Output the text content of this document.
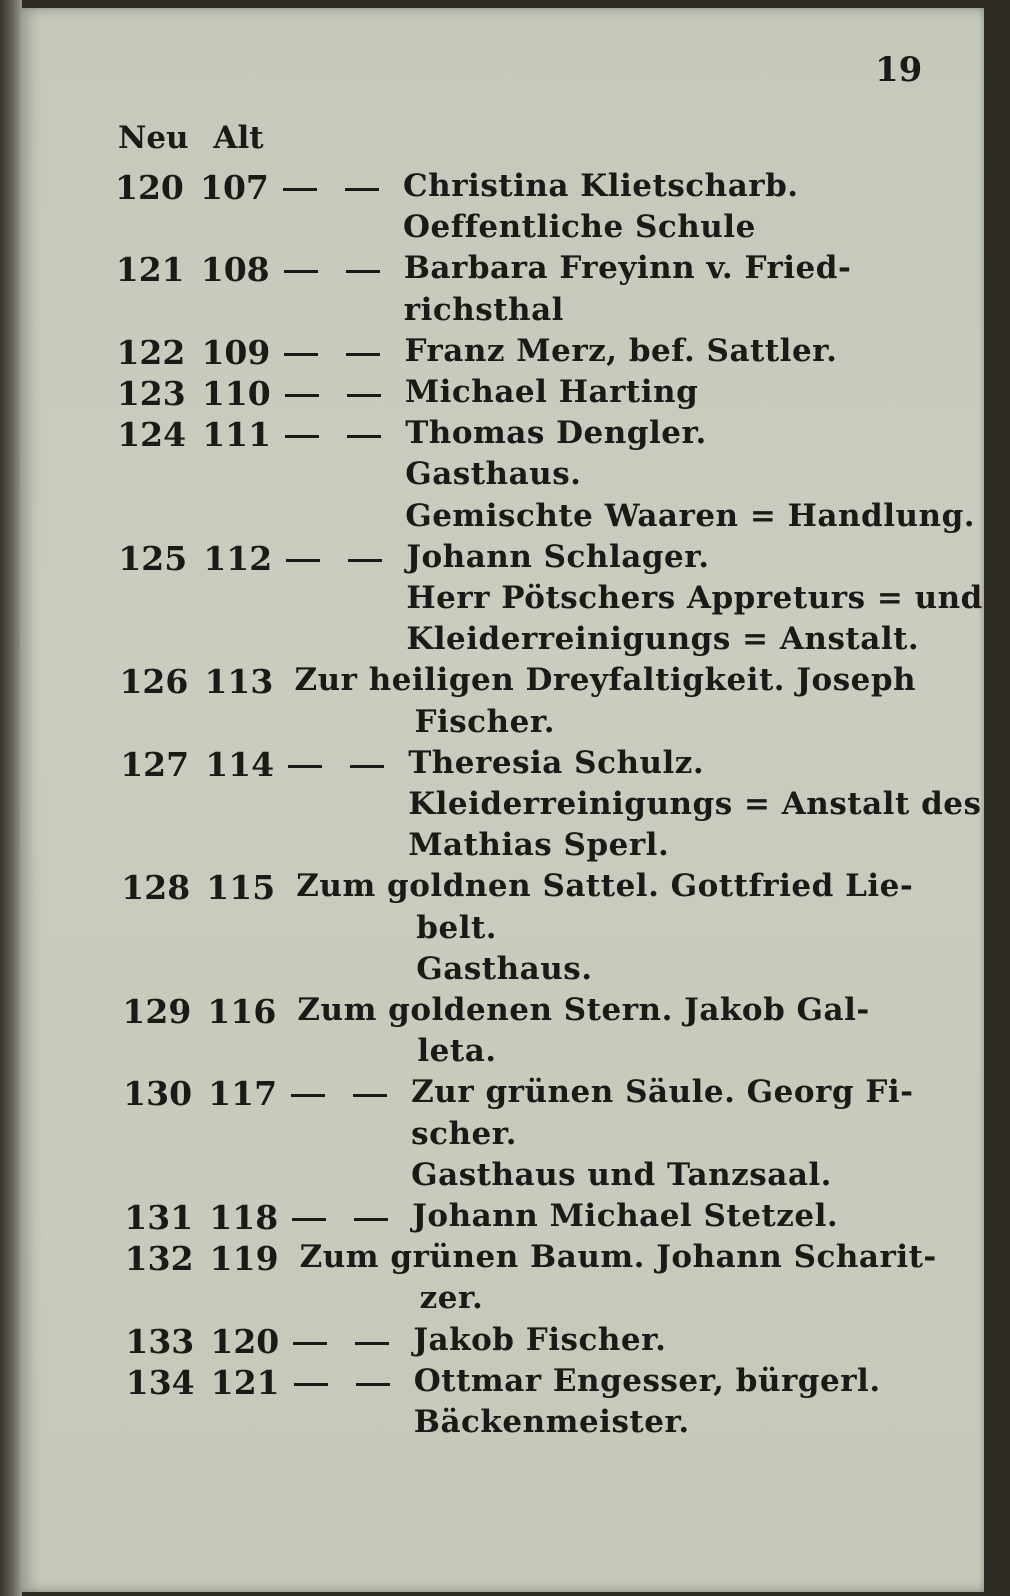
19
Neu Alt
120 107	Christina Klietscharb.
Oeffentliche Schule
121 108	Barbara Freyinn v. Fried-
richsthal
122 109	Franz Merz, bef. Sattler.
123 110	Michael Harting
124 111	Thomas Dengler.
Gasthaus.
Gemischte Waaren = Handlung.
125 112	Johann Schlager.
Herr Pötschers Appreturs = und
Kleiderreinigungs = Anstalt.
126 113 Zur heiligen Dreyfaltigkeit. Joseph
Fischer.
127 114	Theresia Schulz.
Kleiderreinigungs = Anstalt des
Mathias Sperl.
128 115 Zum goldnen Sattel. Gottfried Lie-
belt.
Gasthaus.
129 116 Zum goldenen Stern. Jakob Gal-
leta.
130 117	Zur grünen Säule. Georg Fi-
scher.
Gasthaus und Tanzsaal.
131 118	Johann Michael Stetzel.
132 119 Zum grünen Baum. Johann Scharit-
zer.
133 120	Jakob Fischer.
134 121	Ottmar Engesser, bürgerl.
Bäckenmeister.
